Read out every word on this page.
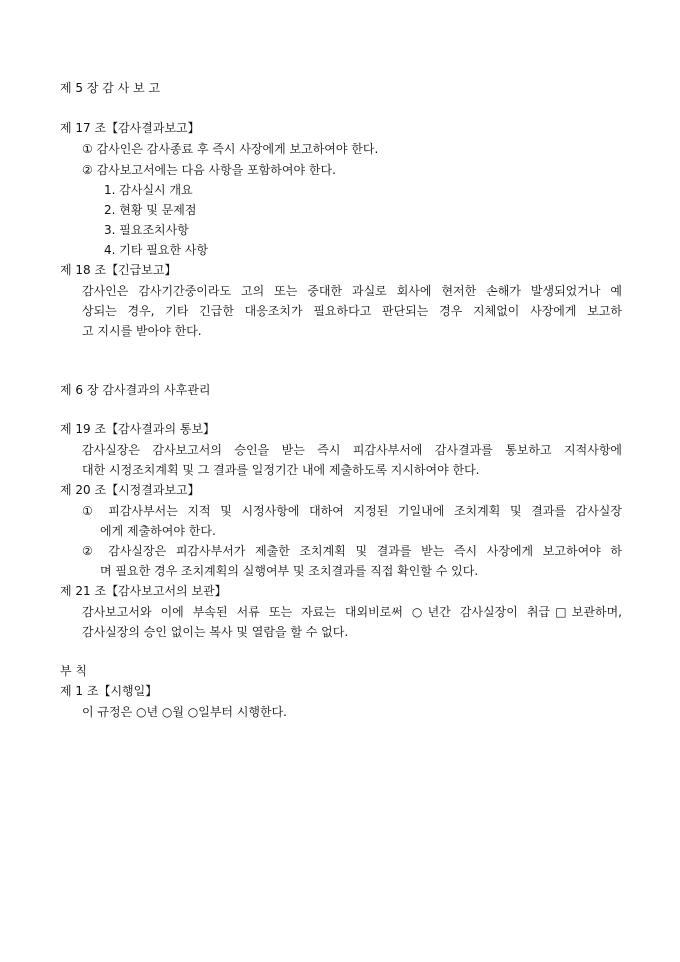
제 5 장 감 사 보 고
제 17 조【감사결과보고】
① 감사인은 감사종료 후 즉시 사장에게 보고하여야 한다.
② 감사보고서에는 다음 사항을 포함하여야 한다.
1. 감사실시 개요
2. 현황 및 문제점
3. 필요조치사항
4. 기타 필요한 사항
제 18 조【긴급보고】
감사인은 감사기간중이라도 고의 또는 중대한 과실로 회사에 현저한 손해가 발생되었거나 예
상되는 경우, 기타 긴급한 대응조치가 필요하다고 판단되는 경우 지체없이 사장에게 보고하
고 지시를 받아야 한다.
제 6 장 감사결과의 사후관리
제 19 조【감사결과의 통보】
감사실장은 감사보고서의 승인을 받는 즉시 피감사부서에 감사결과를 통보하고 지적사항에
대한 시정조치계획 및 그 결과를 일정기간 내에 제출하도록 지시하여야 한다.
제 20 조【시정결과보고】
① 피감사부서는 지적 및 시정사항에 대하여 지정된 기일내에 조치계획 및 결과를 감사실장
에게 제출하여야 한다.
② 감사실장은 피감사부서가 제출한 조치계획 및 결과를 받는 즉시 사장에게 보고하여야 하
며 필요한 경우 조치계획의 실행여부 및 조치결과를 직접 확인할 수 있다.
제 21 조【감사보고서의 보관】
감사보고서와 이에 부속된 서류 또는 자료는 대외비로써 ○년간 감사실장이 취급□보관하며,
감사실장의 승인 없이는 복사 및 열람을 할 수 없다.
부 칙
제 1 조【시행일】
이 규정은 ○년 ○월 ○일부터 시행한다.
